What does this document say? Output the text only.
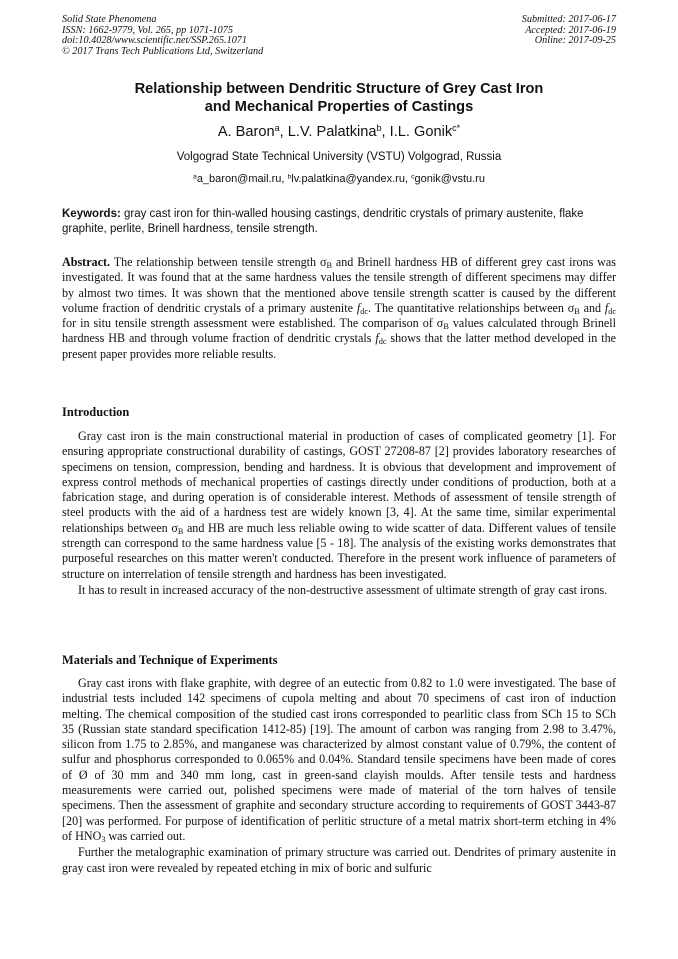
Solid State Phenomena
ISSN: 1662-9779, Vol. 265, pp 1071-1075
doi:10.4028/www.scientific.net/SSP.265.1071
© 2017 Trans Tech Publications Ltd, Switzerland
Submitted: 2017-06-17
Accepted: 2017-06-19
Online: 2017-09-25
Relationship between Dendritic Structure of Grey Cast Iron
and Mechanical Properties of Castings
A. Baron$^a$, L.V. Palatkina$^b$, I.L. Gonik$^{c*}$
Volgograd State Technical University (VSTU) Volgograd, Russia
$^a$a_baron@mail.ru, $^b$lv.palatkina@yandex.ru, $^c$gonik@vstu.ru
Keywords: gray cast iron for thin-walled housing castings, dendritic crystals of primary austenite, flake graphite, perlite, Brinell hardness, tensile strength.
Abstract. The relationship between tensile strength $\sigma_B$ and Brinell hardness HB of different grey cast irons was investigated. It was found that at the same hardness values the tensile strength of different specimens may differ by almost two times. It was shown that the mentioned above tensile strength scatter is caused by the different volume fraction of dendritic crystals of a primary austenite $f_{dc}$. The quantitative relationships between $\sigma_B$ and $f_{dc}$ for in situ tensile strength assessment were established. The comparison of $\sigma_B$ values calculated through Brinell hardness HB and through volume fraction of dendritic crystals $f_{dc}$ shows that the latter method developed in the present paper provides more reliable results.
Introduction

Gray cast iron is the main constructional material in production of cases of complicated geometry [1]. For ensuring appropriate constructional durability of castings, GOST 27208-87 [2] provides laboratory researches of specimens on tension, compression, bending and hardness. It is obvious that development and improvement of express control methods of mechanical properties of castings directly under conditions of production, both at a fabrication stage, and during operation is of considerable interest. Methods of assessment of tensile strength of steel products with the aid of a hardness test are widely known [3, 4]. At the same time, similar experimental relationships between $\sigma_B$ and HB are much less reliable owing to wide scatter of data. Different values of tensile strength can correspond to the same hardness value [5 - 18]. The analysis of the existing works demonstrates that purposeful researches on this matter weren't conducted. Therefore in the present work influence of parameters of structure on interrelation of tensile strength and hardness has been investigated.

It has to result in increased accuracy of the non-destructive assessment of ultimate strength of gray cast irons.

Materials and Technique of Experiments

Gray cast irons with flake graphite, with degree of an eutectic from 0.82 to 1.0 were investigated. The base of industrial tests included 142 specimens of cupola melting and about 70 specimens of cast iron of induction melting. The chemical composition of the studied cast irons corresponded to pearlitic class from SCh 15 to SCh 35 (Russian state standard specification 1412-85) [19]. The amount of carbon was ranging from 2.98 to 3.47%, silicon from 1.75 to 2.85%, and manganese was characterized by almost constant value of 0.79%, the content of sulfur and phosphorus corresponded to 0.065% and 0.04%. Standard tensile specimens have been made of cores of Ø of 30 mm and 340 mm long, cast in green-sand clayish moulds. After tensile tests and hardness measurements were carried out, polished specimens were made of material of the torn halves of tensile specimens. Then the assessment of graphite and secondary structure according to requirements of GOST 3443-87 [20] was performed. For purpose of identification of perlitic structure of a metal matrix short-term etching in 4% of $HNO_3$ was carried out.

Further the metalographic examination of primary structure was carried out. Dendrites of primary austenite in gray cast iron were revealed by repeated etching in mix of boric and sulfuric
